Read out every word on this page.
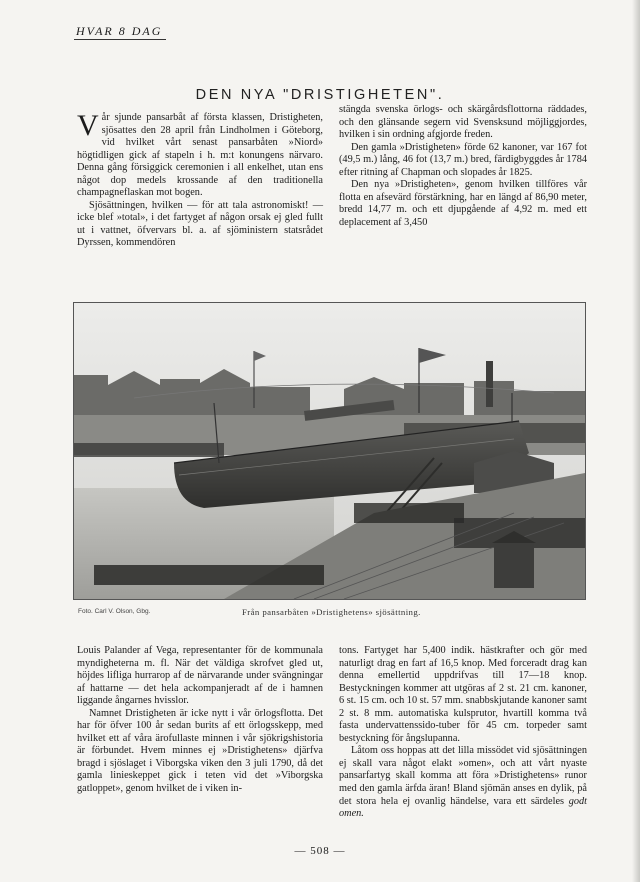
HVAR 8 DAG
DEN NYA "DRISTIGHETEN".

Vår sjunde pansarbåt af första klassen, Dristigheten, sjösattes den 28 april från Lindholmen i Göteborg, vid hvilket vårt senast pansarbåten »Niord» högtidligen gick af stapeln i h. m:t konungens närvaro. Denna gång försiggick ceremonien i all enkelhet, utan ens något dop medels krossande af den traditionella champagneflaskan mot bogen.

Sjösättningen, hvilken — för att tala astronomiskt! — icke blef »total», i det fartyget af någon orsak ej gled fullt ut i vattnet, öfvervars bl. a. af sjöministern statsrådet Dyrssen, kommendören

stängda svenska örlogs- och skärgårdsflottorna räddades, och den glänsande segern vid Svensksund möjliggjordes, hvilken i sin ordning afgjorde freden.

Den gamla »Dristigheten» förde 62 kanoner, var 167 fot (49,5 m.) lång, 46 fot (13,7 m.) bred, färdigbyggdes år 1784 efter ritning af Chapman och slopades år 1825.

Den nya »Dristigheten», genom hvilken tillföres vår flotta en afsevärd förstärkning, har en längd af 86,90 meter, bredd 14,77 m. och ett djupgående af 4,92 m. med ett deplacement af 3,450

Foto. Carl V. Olson, Gbg.	Från pansarbåten »Dristighetens» sjösättning.

Louis Palander af Vega, representanter för de kommunala myndigheterna m. fl. När det väldiga skrofvet gled ut, höjdes lifliga hurrarop af de närvarande under svängningar af hattarne — det hela ackompanjeradt af de i hamnen liggande ångarnes hvisslor.

Namnet Dristigheten är icke nytt i vår örlogsflotta. Det har för öfver 100 år sedan burits af ett örlogsskepp, med hvilket ett af våra ärofullaste minnen i vår sjökrigshistoria är förbundet. Hvem minnes ej »Dristighetens» djärfva bragd i sjöslaget i Viborgska viken den 3 juli 1790, då det gamla linieskeppet gick i teten vid det »Viborgska gatloppet», genom hvilket de i viken in-

tons. Fartyget har 5,400 indik. hästkrafter och gör med naturligt drag en fart af 16,5 knop. Med forceradt drag kan denna emellertid uppdrifvas till 17—18 knop. Bestyckningen kommer att utgöras af 2 st. 21 cm. kanoner, 6 st. 15 cm. och 10 st. 57 mm. snabbskjutande kanoner samt 2 st. 8 mm. automatiska kulsprutor, hvartill komma två fasta undervattenssido-tuber för 45 cm. torpeder samt bestyckning för ångslupanna.

Låtom oss hoppas att det lilla missödet vid sjösättningen ej skall vara något elakt »omen», och att vårt nyaste pansarfartyg skall komma att föra »Dristighetens» runor med den gamla ärfda äran! Bland sjömän anses en dylik, på det stora hela ej ovanlig händelse, vara ett särdeles godt omen.

— 508 —
